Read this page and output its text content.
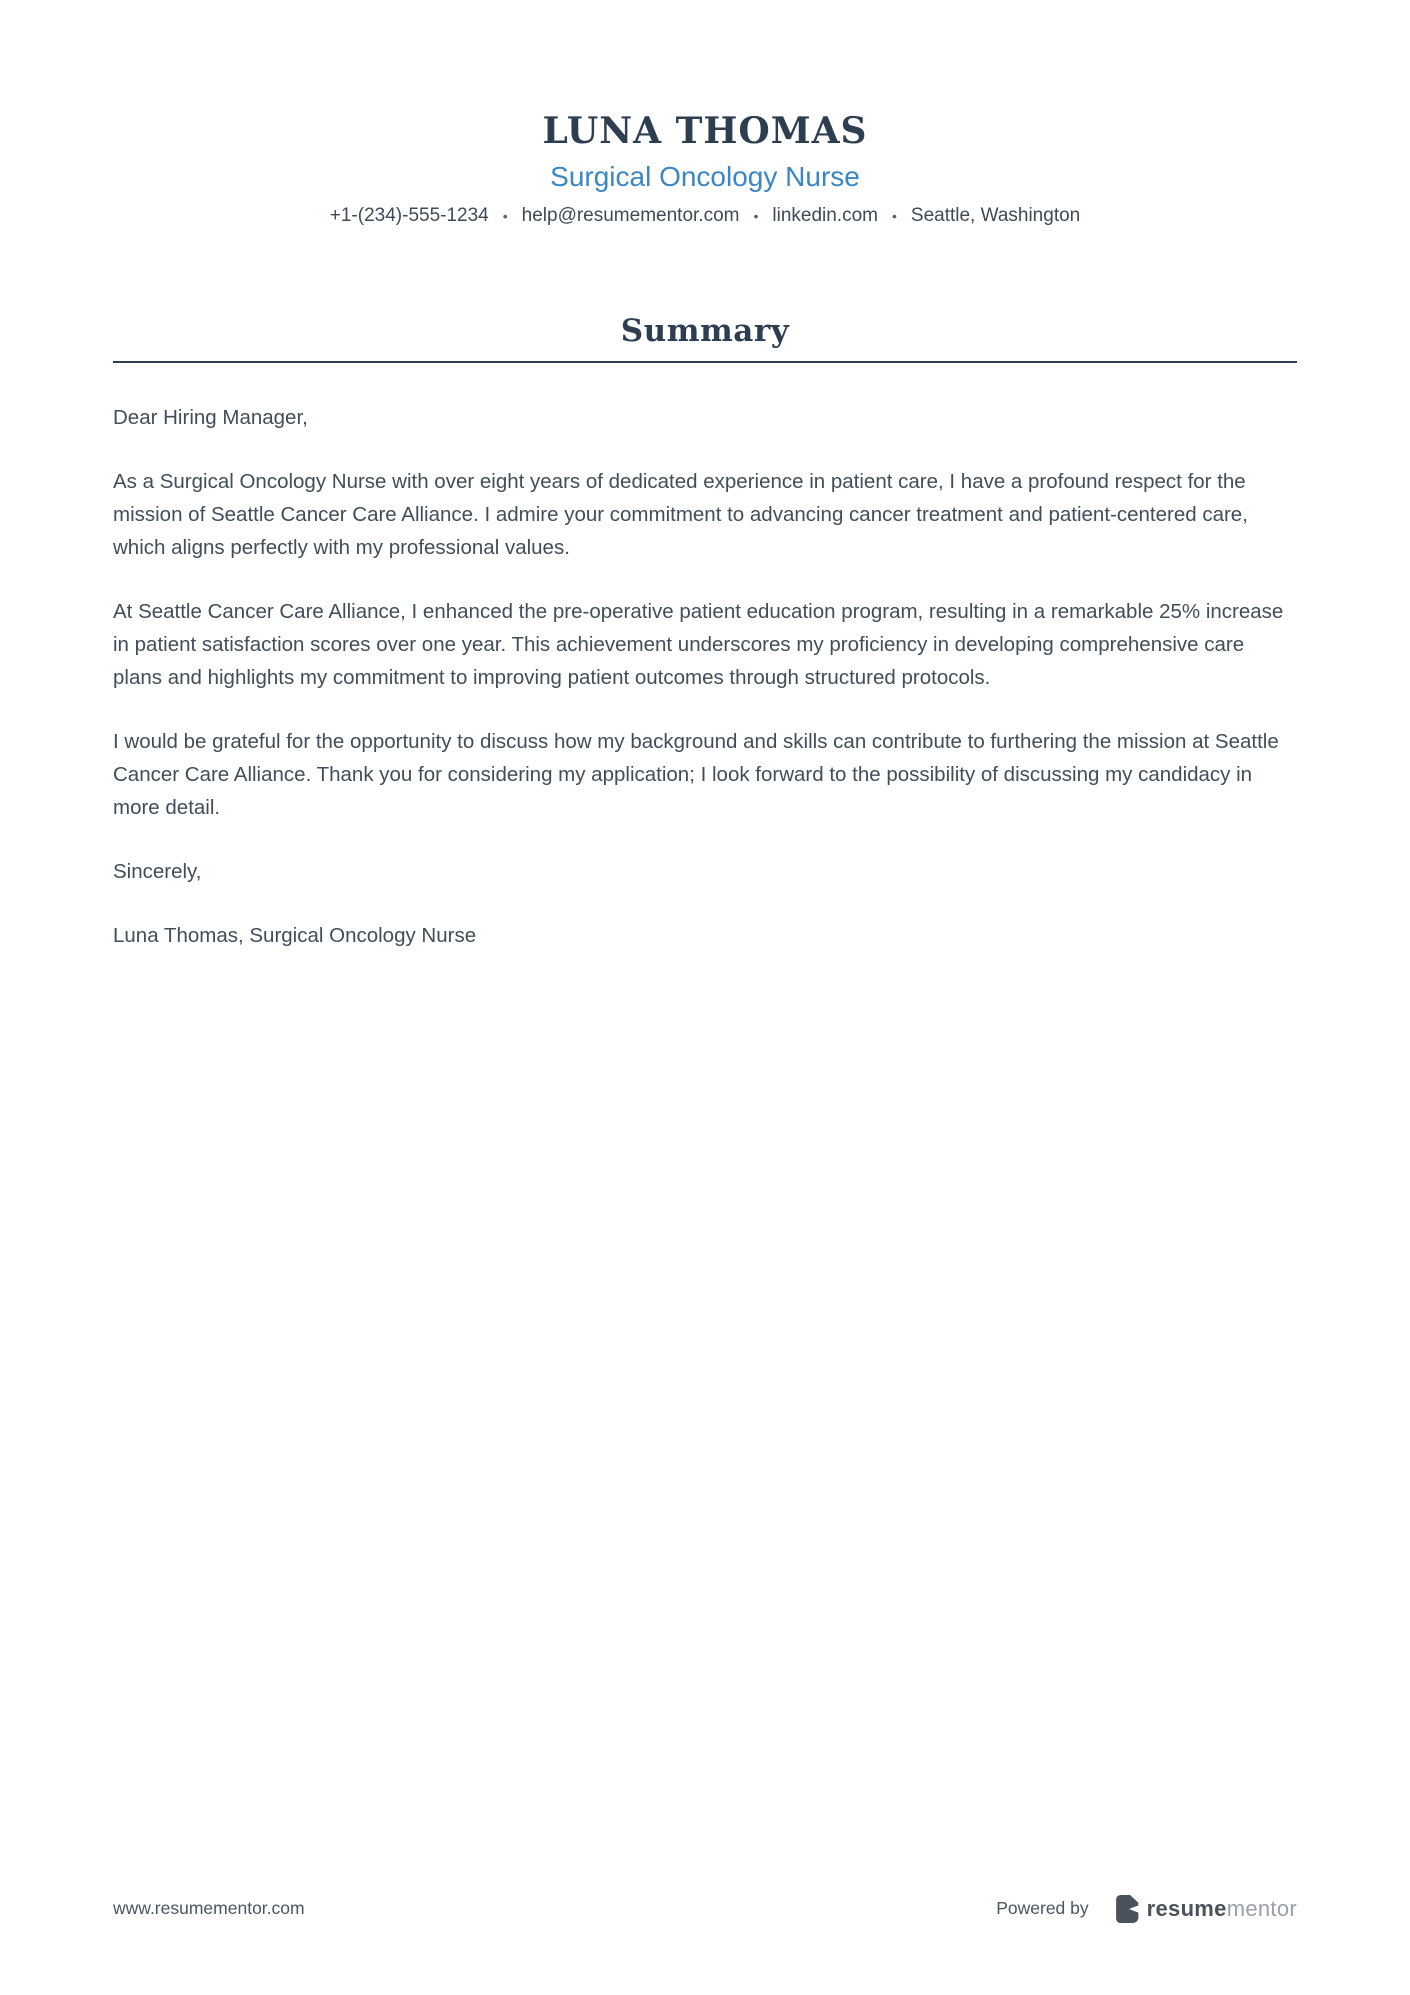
LUNA THOMAS
Surgical Oncology Nurse
+1-(234)-555-1234 • help@resumementor.com • linkedin.com • Seattle, Washington
Summary

Dear Hiring Manager,

As a Surgical Oncology Nurse with over eight years of dedicated experience in patient care, I have a profound respect for the mission of Seattle Cancer Care Alliance. I admire your commitment to advancing cancer treatment and patient-centered care, which aligns perfectly with my professional values.

At Seattle Cancer Care Alliance, I enhanced the pre-operative patient education program, resulting in a remarkable 25% increase in patient satisfaction scores over one year. This achievement underscores my proficiency in developing comprehensive care plans and highlights my commitment to improving patient outcomes through structured protocols.

I would be grateful for the opportunity to discuss how my background and skills can contribute to furthering the mission at Seattle Cancer Care Alliance. Thank you for considering my application; I look forward to the possibility of discussing my candidacy in more detail.

Sincerely,

Luna Thomas, Surgical Oncology Nurse

www.resumementor.com	Powered by	resumementor
